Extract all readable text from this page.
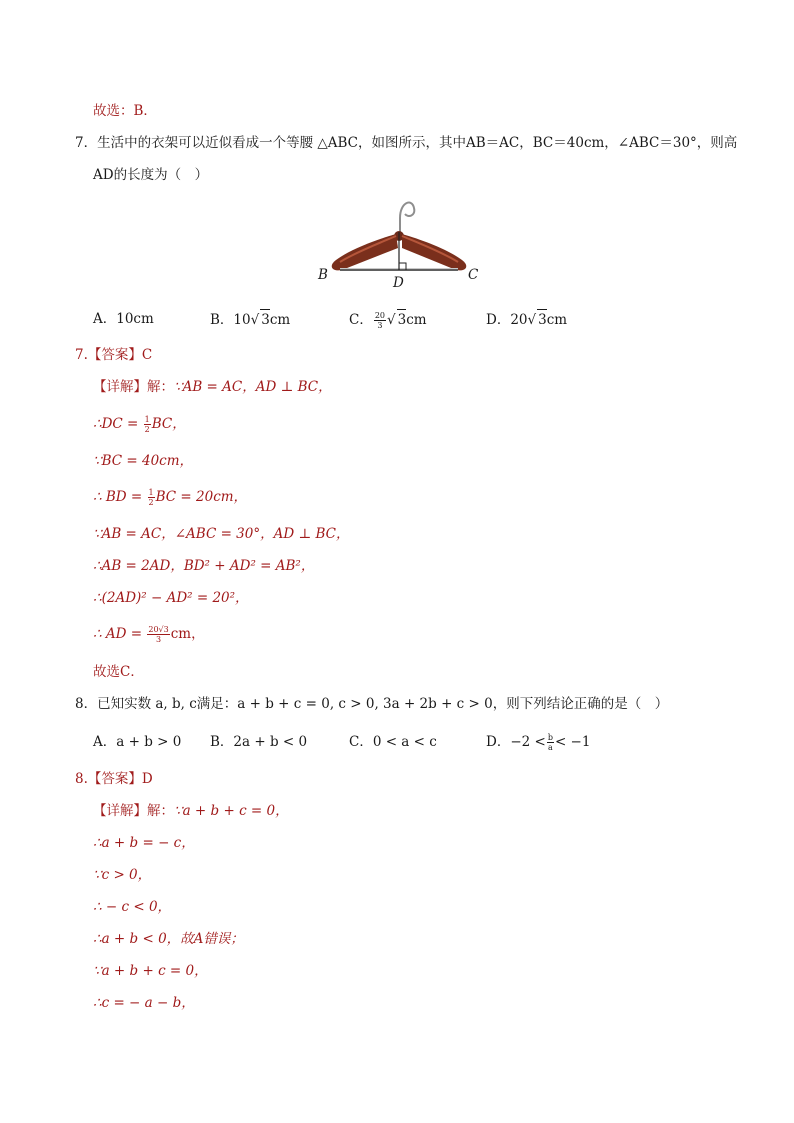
故选：B．
7．生活中的衣架可以近似看成一个等腰 △ABC，如图所示，其中AB＝AC，BC＝40cm，∠ABC＝30°，则高
AD的长度为（　）
B	C
D
A．10cm	B．10√ 3cm	C． $\frac{20}{3}$ √ 3cm	D．20√ 3cm
7.【答案】C
【详解】解：∵AB = AC，AD ⊥ BC，
∴DC = $\frac{1}{2}$ BC，
∵BC = 40cm，
∴ BD = $\frac{1}{2}$ BC = 20cm，
∵AB = AC，∠ABC = 30°，AD ⊥ BC，
∴AB = 2AD，BD² + AD² = AB²，
∴(2AD)² − AD² = 20²，
∴ AD = $\frac{20√3}{3}$ cm，
故选C．
8．已知实数 a, b, c满足：a + b + c = 0, c > 0, 3a + 2b + c > 0，则下列结论正确的是（　）
A．a + b > 0 B．2a + b < 0	C．0 < a < c	D．$-2 < \frac{b}{a} < -1$
8.【答案】D
【详解】解：∵a + b + c = 0，
∴a + b = − c，
∵c > 0，
∴ − c < 0，
∴a + b < 0，故A错误；
∵a + b + c = 0，
∴c = − a − b，
